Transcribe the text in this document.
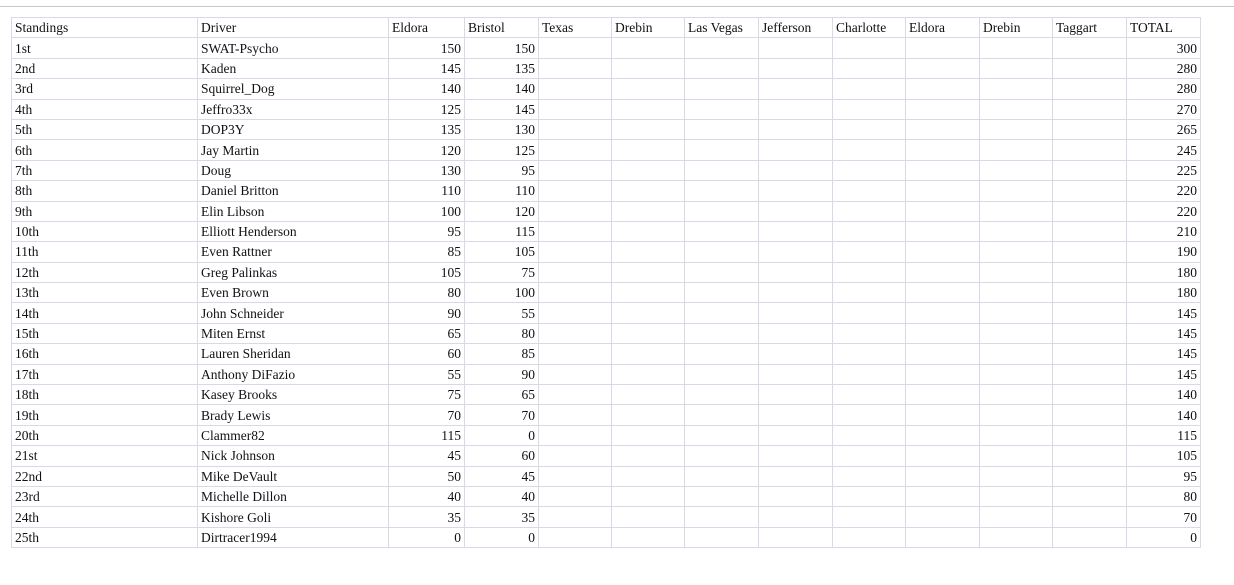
Standings	Driver	Eldora	Bristol	Texas	Drebin	Las Vegas	Jefferson	Charlotte	Eldora	Drebin	Taggart	TOTAL
1st	SWAT-Psycho	150	150									300
2nd	Kaden	145	135									280
3rd	Squirrel_Dog	140	140									280
4th	Jeffro33x	125	145									270
5th	DOP3Y	135	130									265
6th	Jay Martin	120	125									245
7th	Doug	130	95									225
8th	Daniel Britton	110	110									220
9th	Elin Libson	100	120									220
10th	Elliott Henderson	95	115									210
11th	Even Rattner	85	105									190
12th	Greg Palinkas	105	75									180
13th	Even Brown	80	100									180
14th	John Schneider	90	55									145
15th	Miten Ernst	65	80									145
16th	Lauren Sheridan	60	85									145
17th	Anthony DiFazio	55	90									145
18th	Kasey Brooks	75	65									140
19th	Brady Lewis	70	70									140
20th	Clammer82	115	0									115
21st	Nick Johnson	45	60									105
22nd	Mike DeVault	50	45									95
23rd	Michelle Dillon	40	40									80
24th	Kishore Goli	35	35									70
25th	Dirtracer1994	0	0									0
